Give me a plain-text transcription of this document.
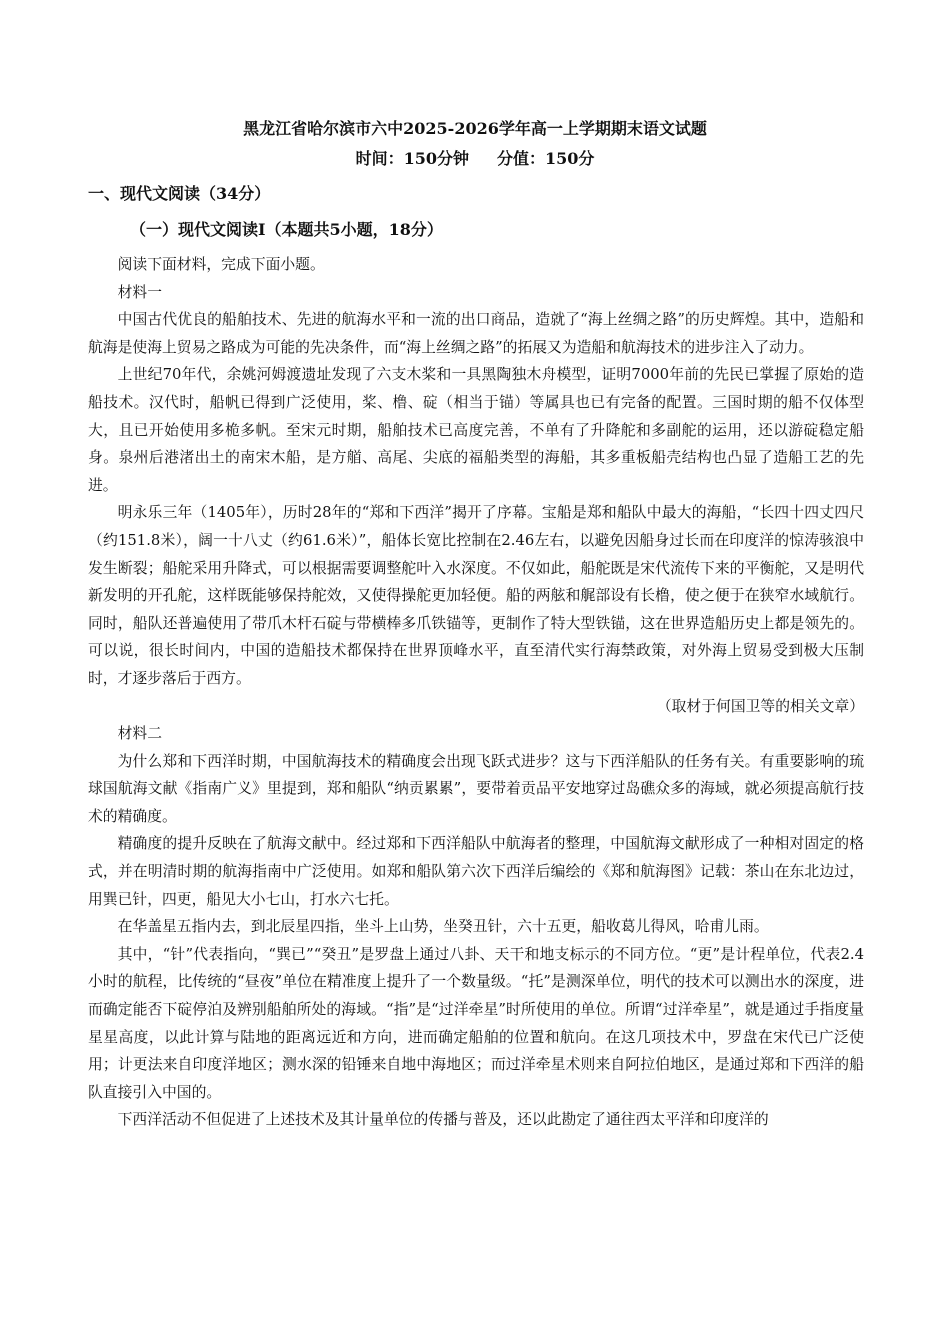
黑龙江省哈尔滨市六中2025-2026学年高一上学期期末语文试题
时间：150分钟 分值：150分
一、现代文阅读（34分）
（一）现代文阅读Ⅰ（本题共5小题，18分）

阅读下面材料，完成下面小题。

材料一

中国古代优良的船舶技术、先进的航海水平和一流的出口商品，造就了“海上丝绸之路”的历史辉煌。其中，造船和航海是使海上贸易之路成为可能的先决条件，而“海上丝绸之路”的拓展又为造船和航海技术的进步注入了动力。

上世纪70年代，余姚河姆渡遗址发现了六支木桨和一具黑陶独木舟模型，证明7000年前的先民已掌握了原始的造船技术。汉代时，船帆已得到广泛使用，桨、橹、碇（相当于锚）等属具也已有完备的配置。三国时期的船不仅体型大，且已开始使用多桅多帆。至宋元时期，船舶技术已高度完善，不单有了升降舵和多副舵的运用，还以游碇稳定船身。泉州后港渚出土的南宋木船，是方艏、高尾、尖底的福船类型的海船，其多重板船壳结构也凸显了造船工艺的先进。

明永乐三年（1405年），历时28年的“郑和下西洋”揭开了序幕。宝船是郑和船队中最大的海船，“长四十四丈四尺（约151.8米），阔一十八丈（约61.6米）”，船体长宽比控制在2.46左右，以避免因船身过长而在印度洋的惊涛骇浪中发生断裂；船舵采用升降式，可以根据需要调整舵叶入水深度。不仅如此，船舵既是宋代流传下来的平衡舵，又是明代新发明的开孔舵，这样既能够保持舵效，又使得操舵更加轻便。船的两舷和艉部设有长橹，使之便于在狭窄水域航行。同时，船队还普遍使用了带爪木杆石碇与带横棒多爪铁锚等，更制作了特大型铁锚，这在世界造船历史上都是领先的。可以说，很长时间内，中国的造船技术都保持在世界顶峰水平，直至清代实行海禁政策，对外海上贸易受到极大压制时，才逐步落后于西方。

（取材于何国卫等的相关文章）

材料二

为什么郑和下西洋时期，中国航海技术的精确度会出现飞跃式进步？这与下西洋船队的任务有关。有重要影响的琉球国航海文献《指南广义》里提到，郑和船队“纳贡累累”，要带着贡品平安地穿过岛礁众多的海域，就必须提高航行技术的精确度。

精确度的提升反映在了航海文献中。经过郑和下西洋船队中航海者的整理，中国航海文献形成了一种相对固定的格式，并在明清时期的航海指南中广泛使用。如郑和船队第六次下西洋后编绘的《郑和航海图》记载：茶山在东北边过，用巽已针，四更，船见大小七山，打水六七托。

在华盖星五指内去，到北辰星四指，坐斗上山势，坐癸丑针，六十五更，船收葛儿得风，哈甫儿雨。

其中，“针”代表指向，“巽已”“癸丑”是罗盘上通过八卦、天干和地支标示的不同方位。“更”是计程单位，代表2.4小时的航程，比传统的“昼夜”单位在精准度上提升了一个数量级。“托”是测深单位，明代的技术可以测出水的深度，进而确定能否下碇停泊及辨别船舶所处的海域。“指”是“过洋牵星”时所使用的单位。所谓“过洋牵星”，就是通过手指度量星星高度，以此计算与陆地的距离远近和方向，进而确定船舶的位置和航向。在这几项技术中，罗盘在宋代已广泛使用；计更法来自印度洋地区；测水深的铅锤来自地中海地区；而过洋牵星术则来自阿拉伯地区，是通过郑和下西洋的船队直接引入中国的。

下西洋活动不但促进了上述技术及其计量单位的传播与普及，还以此勘定了通往西太平洋和印度洋的
